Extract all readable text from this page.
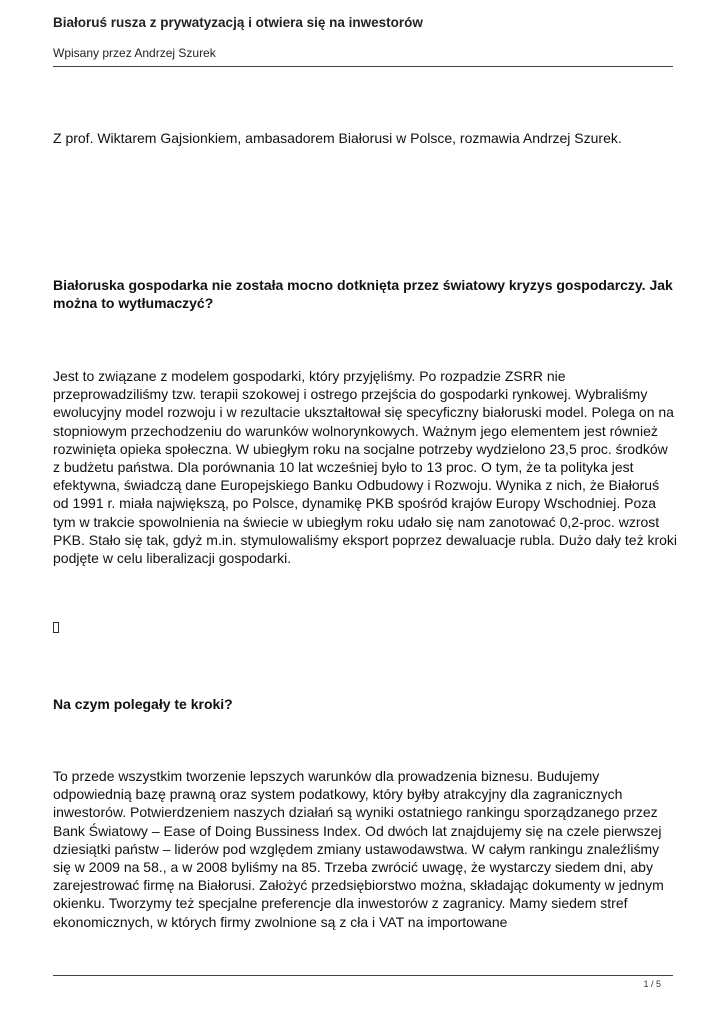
Białoruś rusza z prywatyzacją i otwiera się na inwestorów
Wpisany przez Andrzej Szurek
Z prof. Wiktarem Gajsionkiem, ambasadorem Białorusi w Polsce, rozmawia Andrzej Szurek.
Białoruska gospodarka nie została mocno dotknięta przez światowy kryzys gospodarczy. Jak można to wytłumaczyć?
Jest to związane z modelem gospodarki, który przyjęliśmy. Po rozpadzie ZSRR nie przeprowadziliśmy tzw. terapii szokowej i ostrego przejścia do gospodarki rynkowej. Wybraliśmy ewolucyjny model rozwoju i w rezultacie ukształtował się specyficzny białoruski model. Polega on na stopniowym przechodzeniu do warunków wolnorynkowych. Ważnym jego elementem jest również rozwinięta opieka społeczna. W ubiegłym roku na socjalne potrzeby wydzielono 23,5 proc. środków z budżetu państwa. Dla porównania 10 lat wcześniej było to 13 proc. O tym, że ta polityka jest efektywna, świadczą dane Europejskiego Banku Odbudowy i Rozwoju. Wynika z nich, że Białoruś od 1991 r. miała największą, po Polsce, dynamikę PKB spośród krajów Europy Wschodniej. Poza tym w trakcie spowolnienia na świecie w ubiegłym roku udało się nam zanotować 0,2-proc. wzrost PKB. Stało się tak, gdyż m.in. stymulowaliśmy eksport poprzez dewaluacje rubla. Dużo dały też kroki podjęte w celu liberalizacji gospodarki.
Na czym polegały te kroki?
To przede wszystkim tworzenie lepszych warunków dla prowadzenia biznesu. Budujemy odpowiednią bazę prawną oraz system podatkowy, który byłby atrakcyjny dla zagranicznych inwestorów. Potwierdzeniem naszych działań są wyniki ostatniego rankingu sporządzanego przez Bank Światowy – Ease of Doing Bussiness Index. Od dwóch lat znajdujemy się na czele pierwszej dziesiątki państw – liderów pod względem zmiany ustawodawstwa. W całym rankingu znaleźliśmy się w 2009 na 58., a w 2008 byliśmy na 85. Trzeba zwrócić uwagę, że wystarczy siedem dni, aby zarejestrować firmę na Białorusi. Założyć przedsiębiorstwo można, składając dokumenty w jednym okienku. Tworzymy też specjalne preferencje dla inwestorów z zagranicy. Mamy siedem stref ekonomicznych, w których firmy zwolnione są z cła i VAT na importowane
1 / 5
